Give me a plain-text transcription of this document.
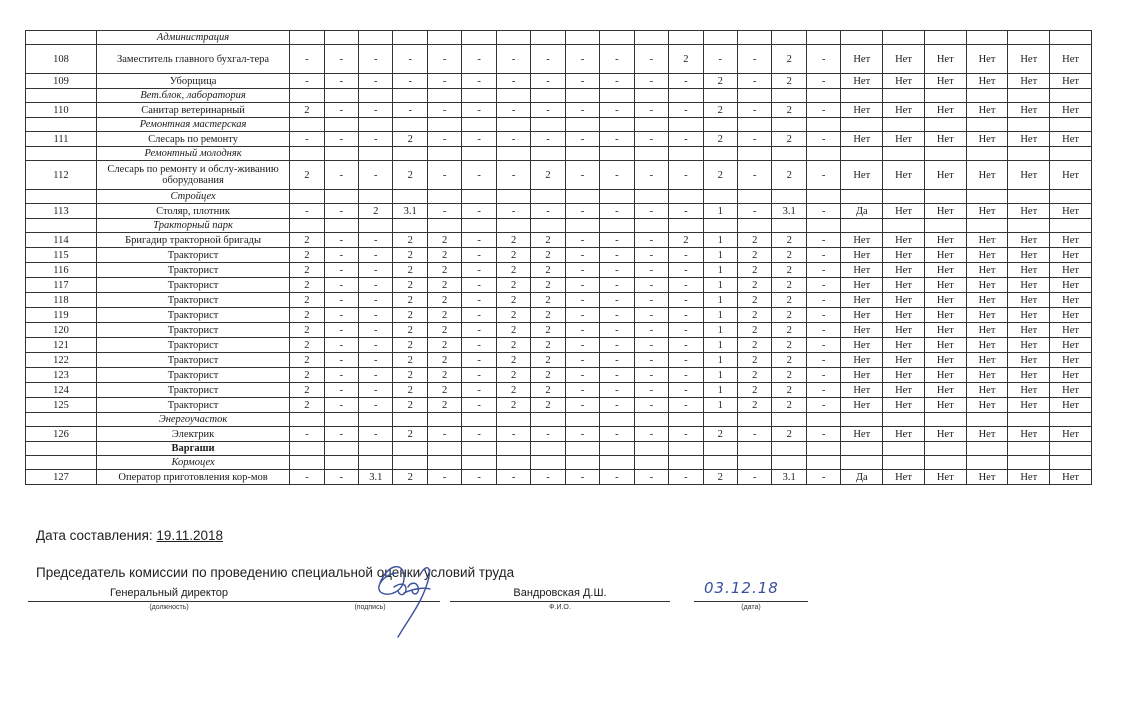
	Администрация																						
108	Заместитель главного бухгал-тера	-	-	-	-	-	-	-	-	-	-	-	2	-	-	2	-	Нет	Нет	Нет	Нет	Нет	Нет
109	Уборщица	-	-	-	-	-	-	-	-	-	-	-	-	2	-	2	-	Нет	Нет	Нет	Нет	Нет	Нет
	Вет.блок, лаборатория																						
110	Санитар ветеринарный	2	-	-	-	-	-	-	-	-	-	-	-	2	-	2	-	Нет	Нет	Нет	Нет	Нет	Нет
	Ремонтная мастерская																						
111	Слесарь по ремонту	-	-	-	2	-	-	-	-	-	-	-	-	2	-	2	-	Нет	Нет	Нет	Нет	Нет	Нет
	Ремонтный молодняк																						
112	Слесарь по ремонту и обслу-живанию оборудования	2	-	-	2	-	-	-	2	-	-	-	-	2	-	2	-	Нет	Нет	Нет	Нет	Нет	Нет
	Стройцех																						
113	Столяр, плотник	-	-	2	3.1	-	-	-	-	-	-	-	-	1	-	3.1	-	Да	Нет	Нет	Нет	Нет	Нет
	Тракторный парк																						
114	Бригадир тракторной бригады	2	-	-	2	2	-	2	2	-	-	-	2	1	2	2	-	Нет	Нет	Нет	Нет	Нет	Нет
115	Тракторист	2	-	-	2	2	-	2	2	-	-	-	-	1	2	2	-	Нет	Нет	Нет	Нет	Нет	Нет
116	Тракторист	2	-	-	2	2	-	2	2	-	-	-	-	1	2	2	-	Нет	Нет	Нет	Нет	Нет	Нет
117	Тракторист	2	-	-	2	2	-	2	2	-	-	-	-	1	2	2	-	Нет	Нет	Нет	Нет	Нет	Нет
118	Тракторист	2	-	-	2	2	-	2	2	-	-	-	-	1	2	2	-	Нет	Нет	Нет	Нет	Нет	Нет
119	Тракторист	2	-	-	2	2	-	2	2	-	-	-	-	1	2	2	-	Нет	Нет	Нет	Нет	Нет	Нет
120	Тракторист	2	-	-	2	2	-	2	2	-	-	-	-	1	2	2	-	Нет	Нет	Нет	Нет	Нет	Нет
121	Тракторист	2	-	-	2	2	-	2	2	-	-	-	-	1	2	2	-	Нет	Нет	Нет	Нет	Нет	Нет
122	Тракторист	2	-	-	2	2	-	2	2	-	-	-	-	1	2	2	-	Нет	Нет	Нет	Нет	Нет	Нет
123	Тракторист	2	-	-	2	2	-	2	2	-	-	-	-	1	2	2	-	Нет	Нет	Нет	Нет	Нет	Нет
124	Тракторист	2	-	-	2	2	-	2	2	-	-	-	-	1	2	2	-	Нет	Нет	Нет	Нет	Нет	Нет
125	Тракторист	2	-	-	2	2	-	2	2	-	-	-	-	1	2	2	-	Нет	Нет	Нет	Нет	Нет	Нет
	Энергоучасток																						
126	Электрик	-	-	-	2	-	-	-	-	-	-	-	-	2	-	2	-	Нет	Нет	Нет	Нет	Нет	Нет
	Варгаши																						
	Кормоцех																						
127	Оператор приготовления кор-мов	-	-	3.1	2	-	-	-	-	-	-	-	-	2	-	3.1	-	Да	Нет	Нет	Нет	Нет	Нет
Дата составления: 19.11.2018
Председатель комиссии по проведению специальной оценки условий труда
Генеральный директор
(должность)	(подпись)
Вандровская Д.Ш.
Ф.И.О.	(дата)
03.12.18
